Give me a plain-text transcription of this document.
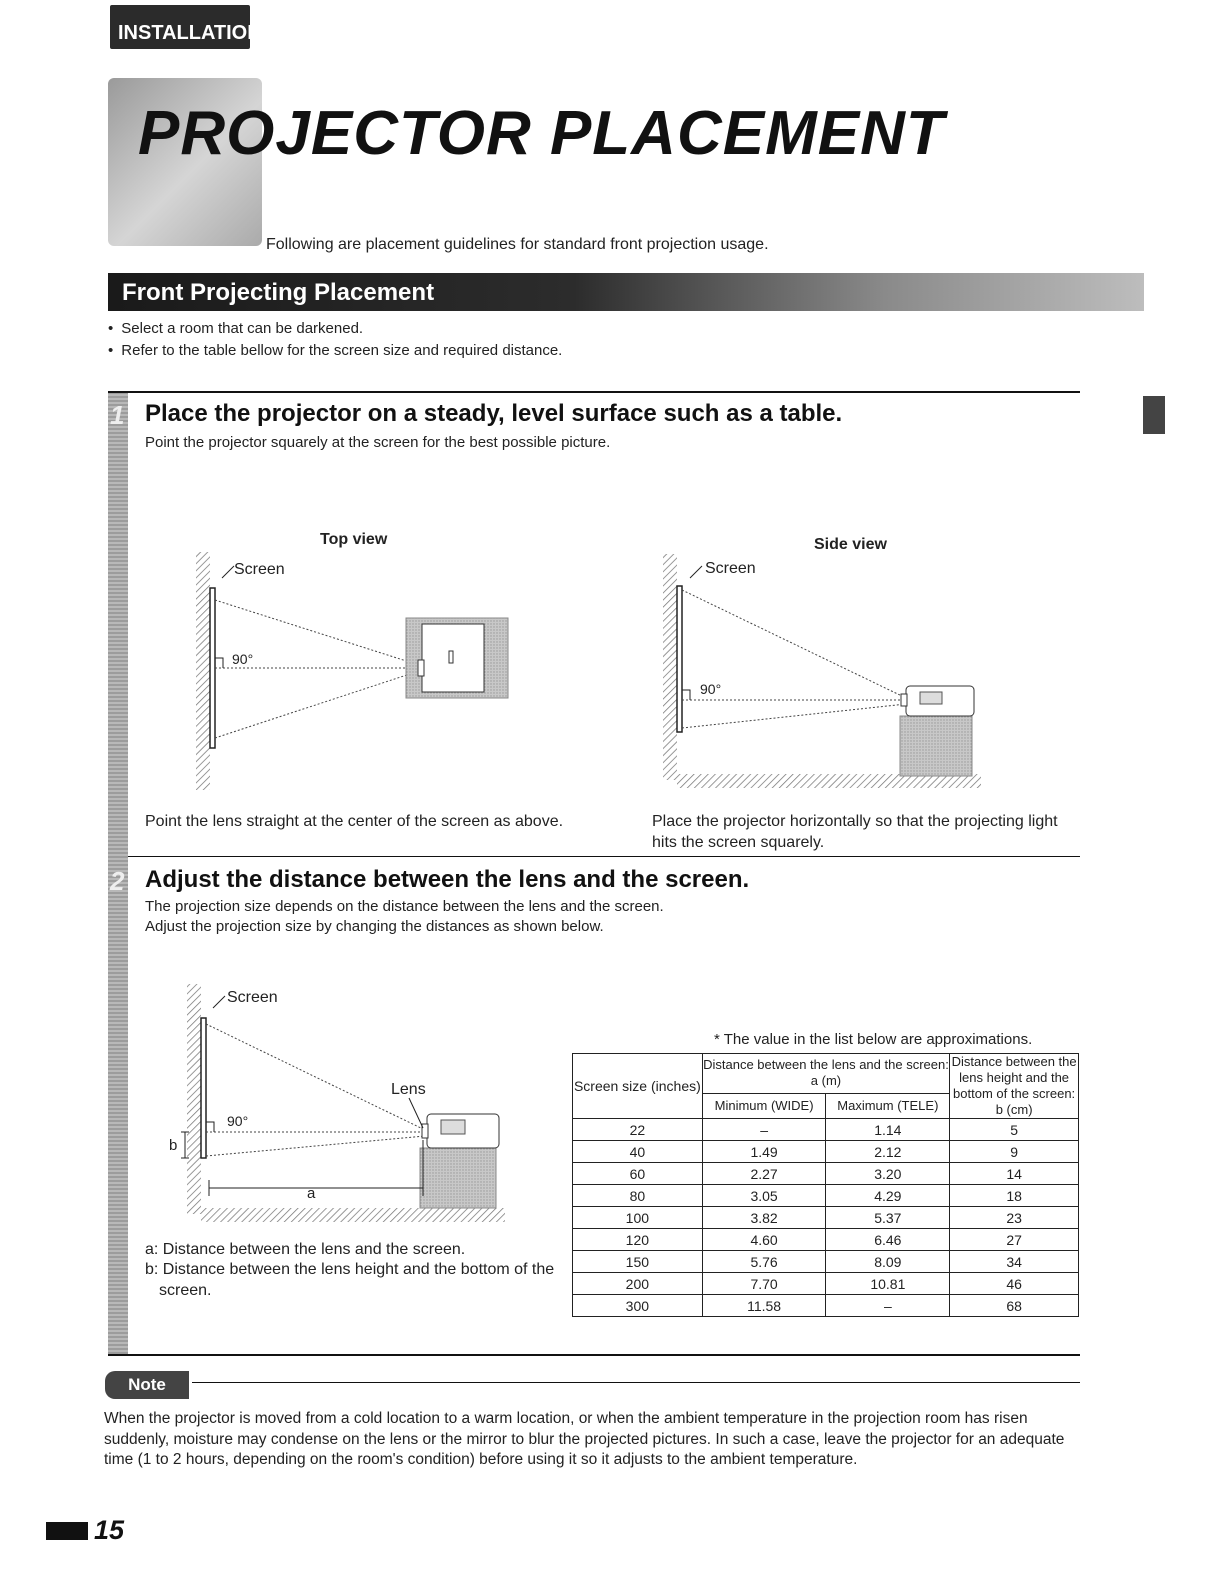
INSTALLATION
PROJECTOR PLACEMENT
Following are placement guidelines for standard front projection usage.
Front Projecting Placement
• Select a room that can be darkened.
• Refer to the table bellow for the screen size and required distance.
1 Place the projector on a steady, level surface such as a table.
Point the projector squarely at the screen for the best possible picture.
Top view	Side view
Screen
90°
Screen
90°
Point the lens straight at the center of the screen as above.	Place the projector horizontally so that the projecting light hits the screen squarely.
2 Adjust the distance between the lens and the screen.
The projection size depends on the distance between the lens and the screen.
Adjust the projection size by changing the distances as shown below.
Screen
Lens
90°
a
b
a: Distance between the lens and the screen.
b: Distance between the lens height and the bottom of the screen.
* The value in the list below are approximations.
Screen size (inches)	Distance between the lens and the screen: a (m)		Distance between the lens height and the bottom of the screen: b (cm)
	Minimum (WIDE)	Maximum (TELE)	
22	–	1.14	5
40	1.49	2.12	9
60	2.27	3.20	14
80	3.05	4.29	18
100	3.82	5.37	23
120	4.60	6.46	27
150	5.76	8.09	34
200	7.70	10.81	46
300	11.58	–	68
Note
When the projector is moved from a cold location to a warm location, or when the ambient temperature in the projection room has risen suddenly, moisture may condense on the lens or the mirror to blur the projected pictures. In such a case, leave the projector for an adequate time (1 to 2 hours, depending on the room's condition) before using it so it adjusts to the ambient temperature.
15
